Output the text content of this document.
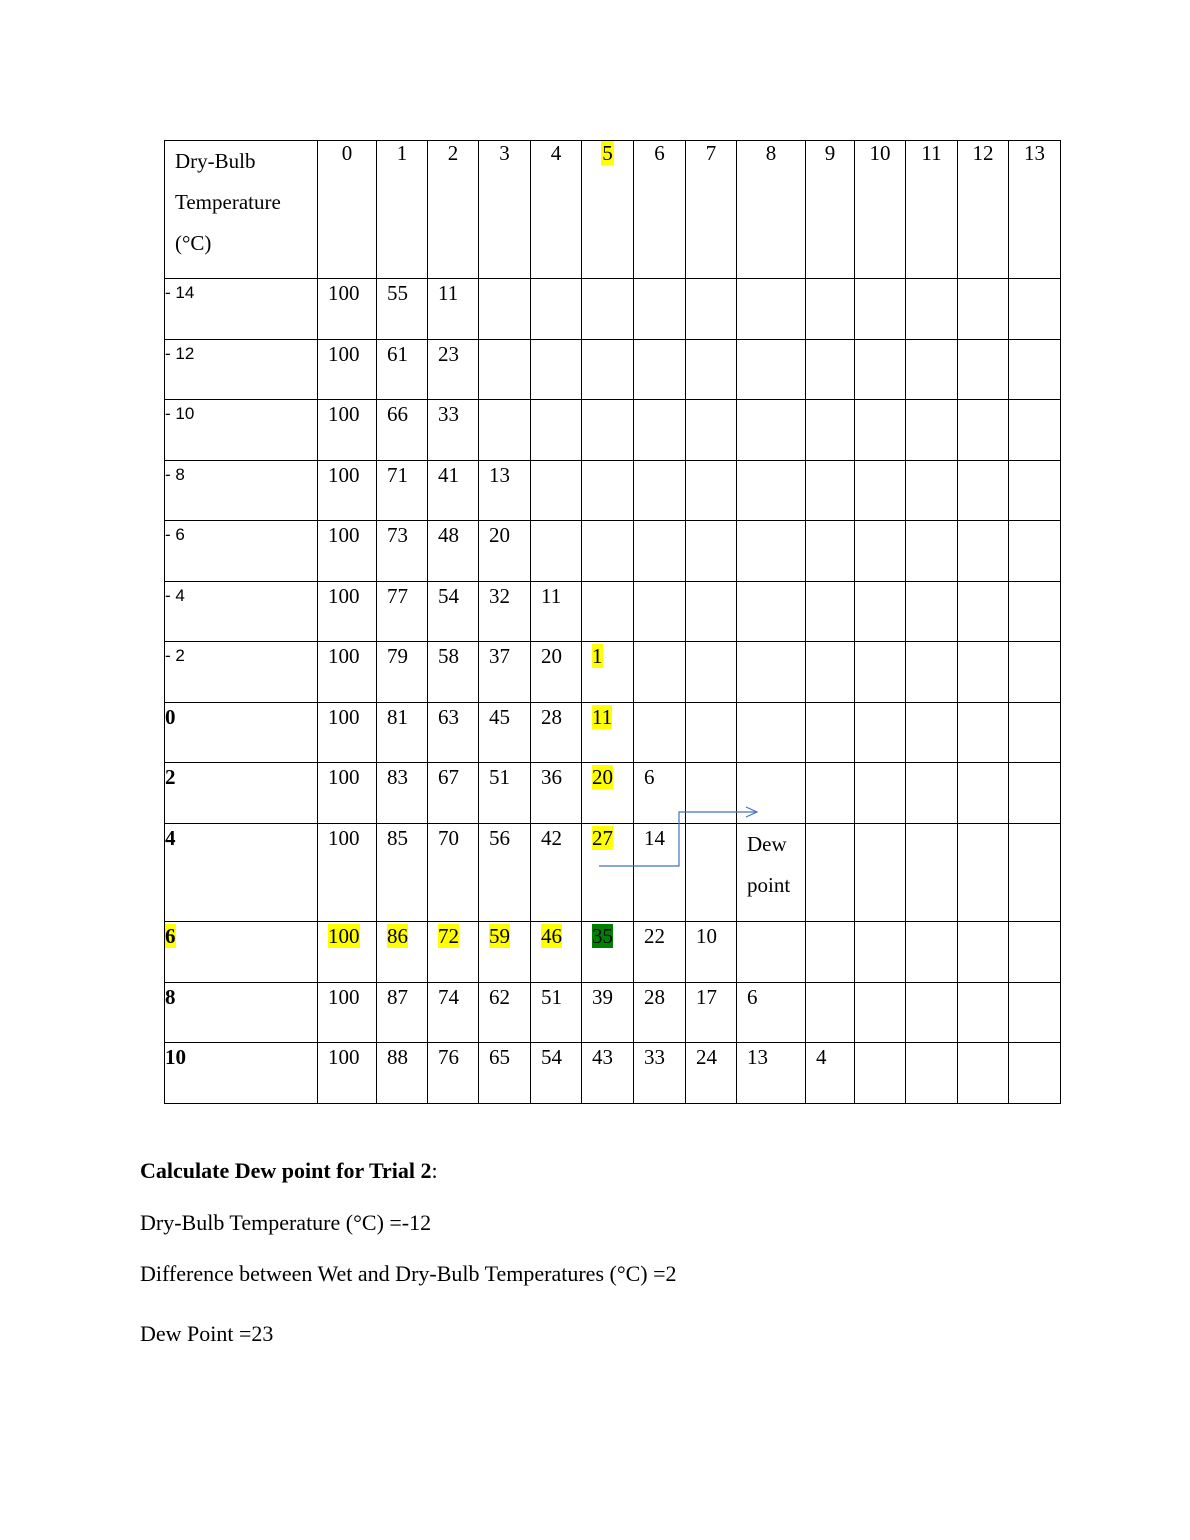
Dry-Bulb
Temperature
(°C)	0	1	2	3	4	5	6	7	8	9	10	11	12	13
- 14	100	55	11											
- 12	100	61	23											
- 10	100	66	33											
- 8	100	71	41	13										
- 6	100	73	48	20										
- 4	100	77	54	32	11									
- 2	100	79	58	37	20	1								
0	100	81	63	45	28	11								
2	100	83	67	51	36	20	6							
4	100	85	70	56	42	27	14		Dewpoint					
6	100	86	72	59	46	35	22	10						
8	100	87	74	62	51	39	28	17	6					
10	100	88	76	65	54	43	33	24	13	4				
Calculate Dew point for Trial 2:
Dry-Bulb Temperature (°C) =-12
Difference between Wet and Dry-Bulb Temperatures (°C) =2
Dew Point =23
